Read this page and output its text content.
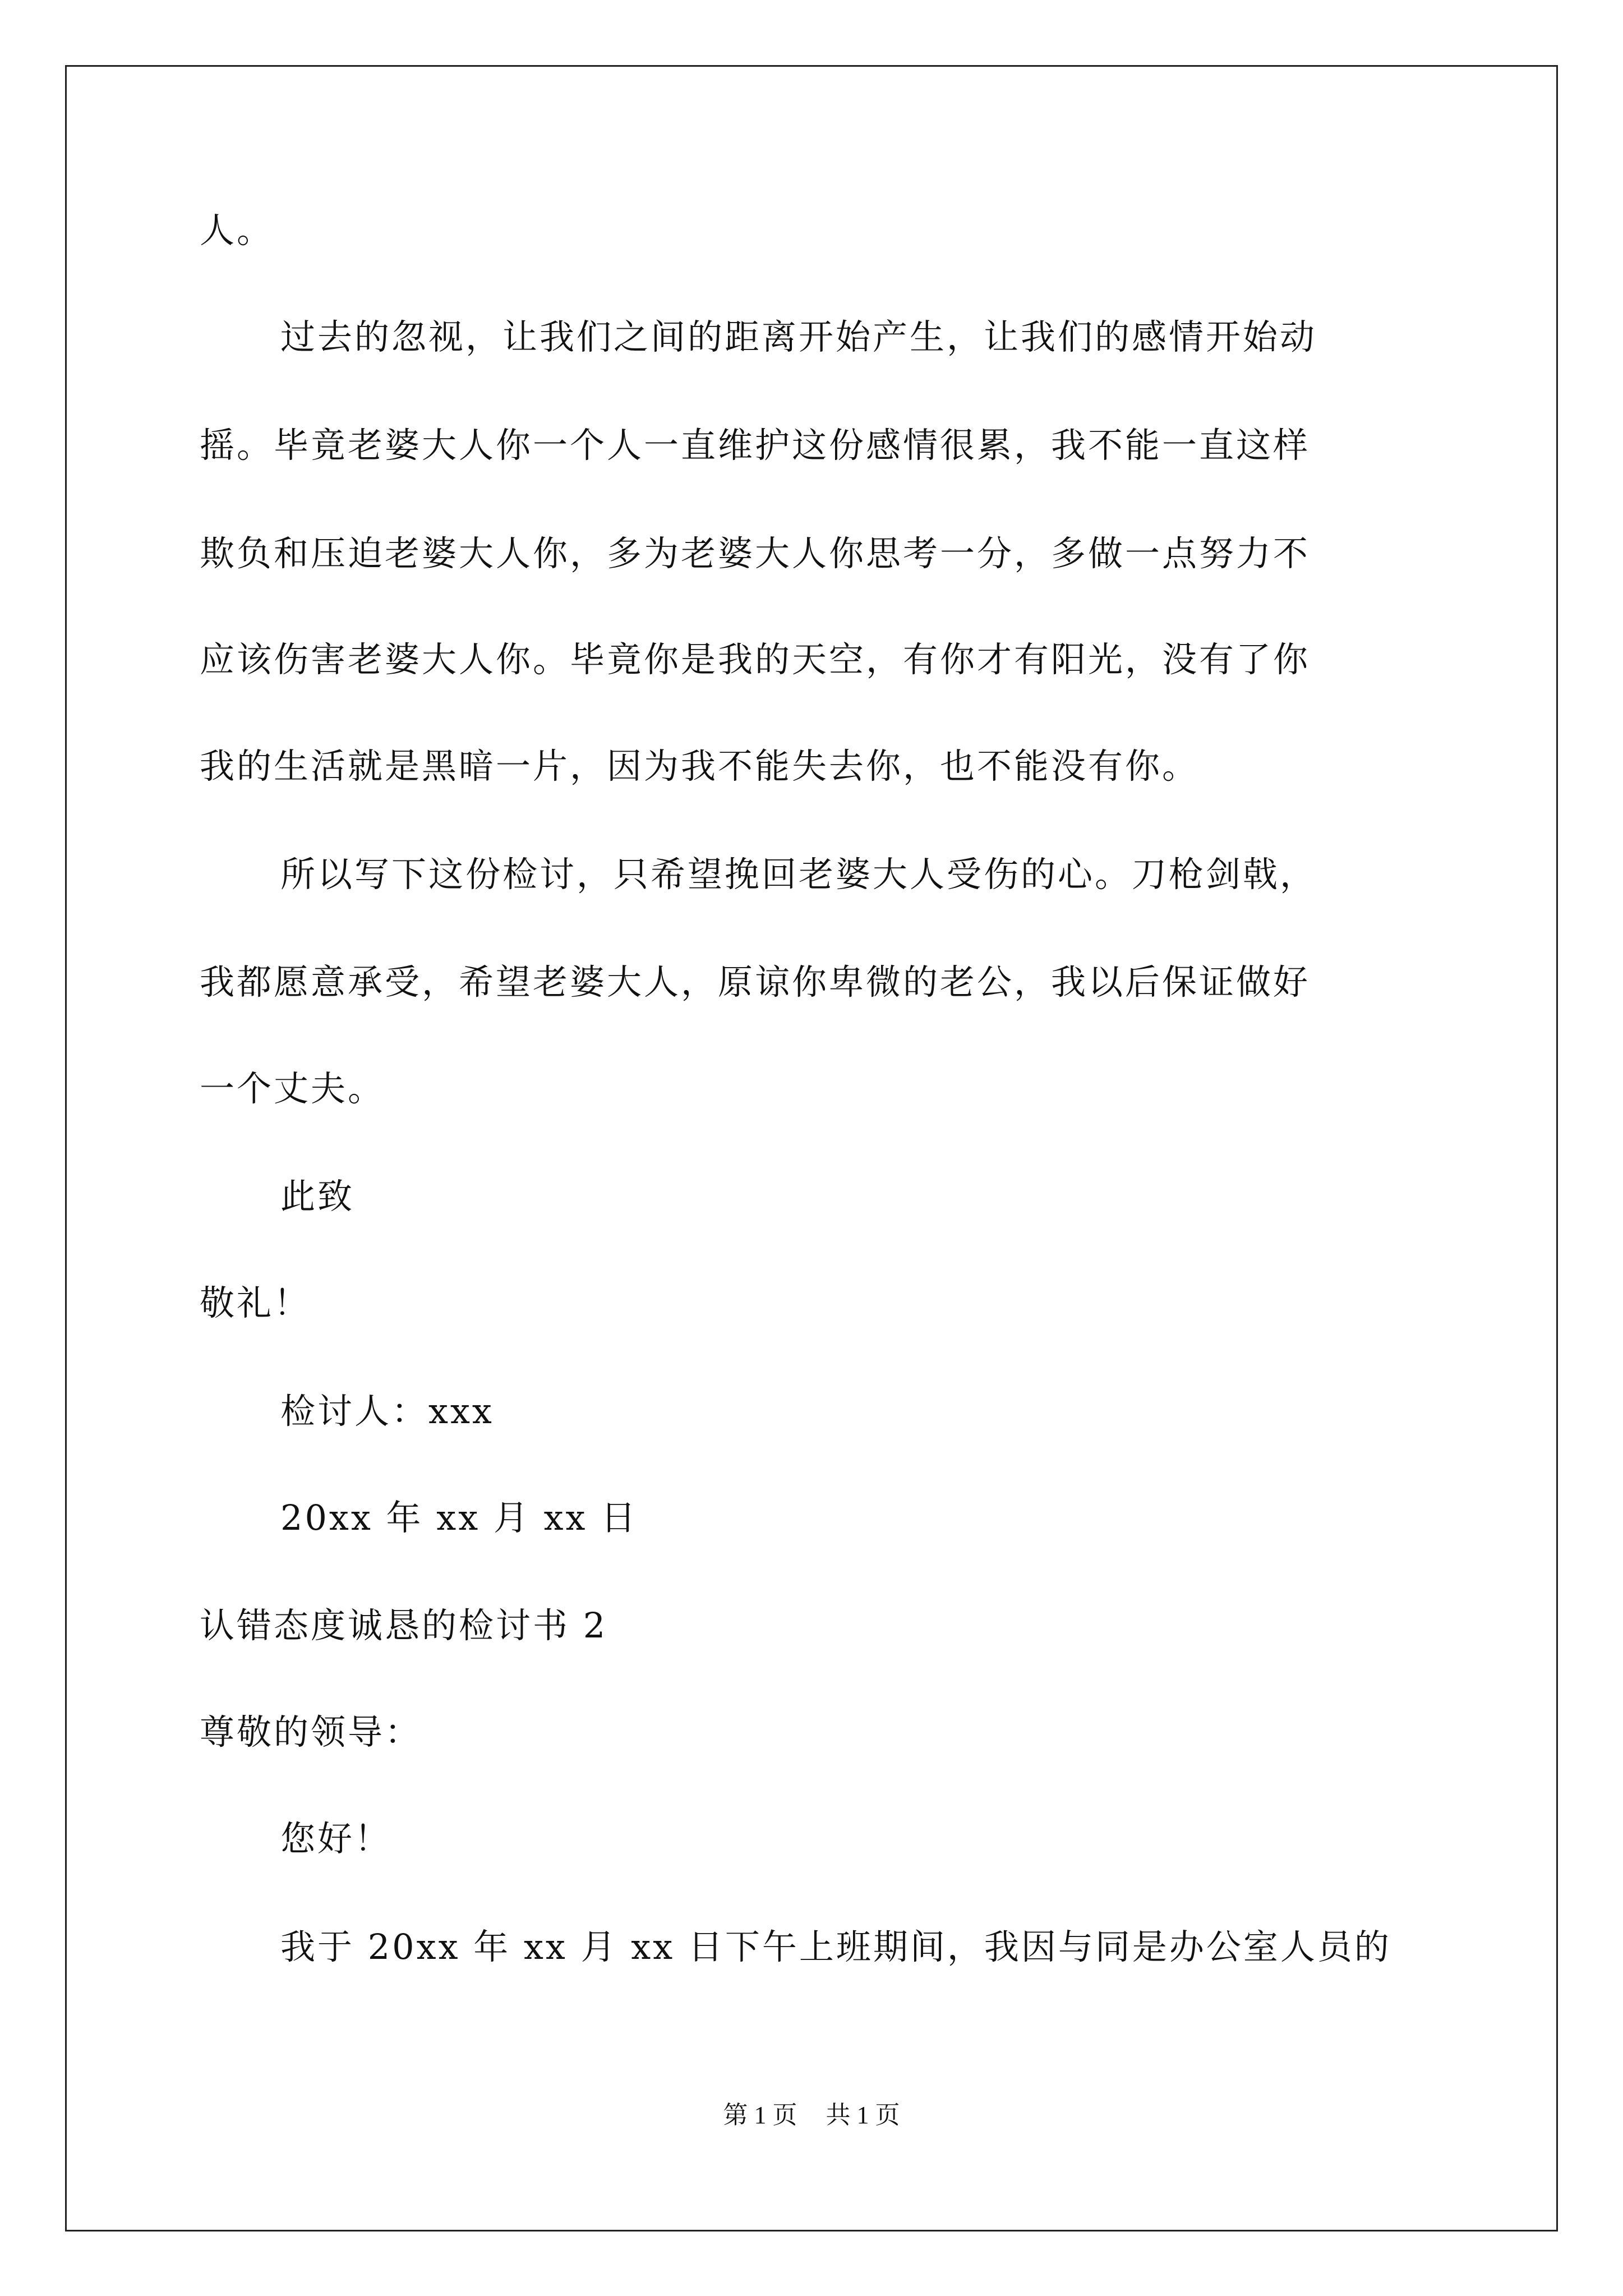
人。
过去的忽视，让我们之间的距离开始产生，让我们的感情开始动
摇。毕竟老婆大人你一个人一直维护这份感情很累，我不能一直这样
欺负和压迫老婆大人你，多为老婆大人你思考一分，多做一点努力不
应该伤害老婆大人你。毕竟你是我的天空，有你才有阳光，没有了你
我的生活就是黑暗一片，因为我不能失去你，也不能没有你。
所以写下这份检讨，只希望挽回老婆大人受伤的心。刀枪剑戟，
我都愿意承受，希望老婆大人，原谅你卑微的老公，我以后保证做好
一个丈夫。
此致
敬礼！
检讨人：xxx
20xx 年 xx 月 xx 日
认错态度诚恳的检讨书 2
尊敬的领导：
您好！
我于 20xx 年 xx 月 xx 日下午上班期间，我因与同是办公室人员的
第 1 页 共 1 页
